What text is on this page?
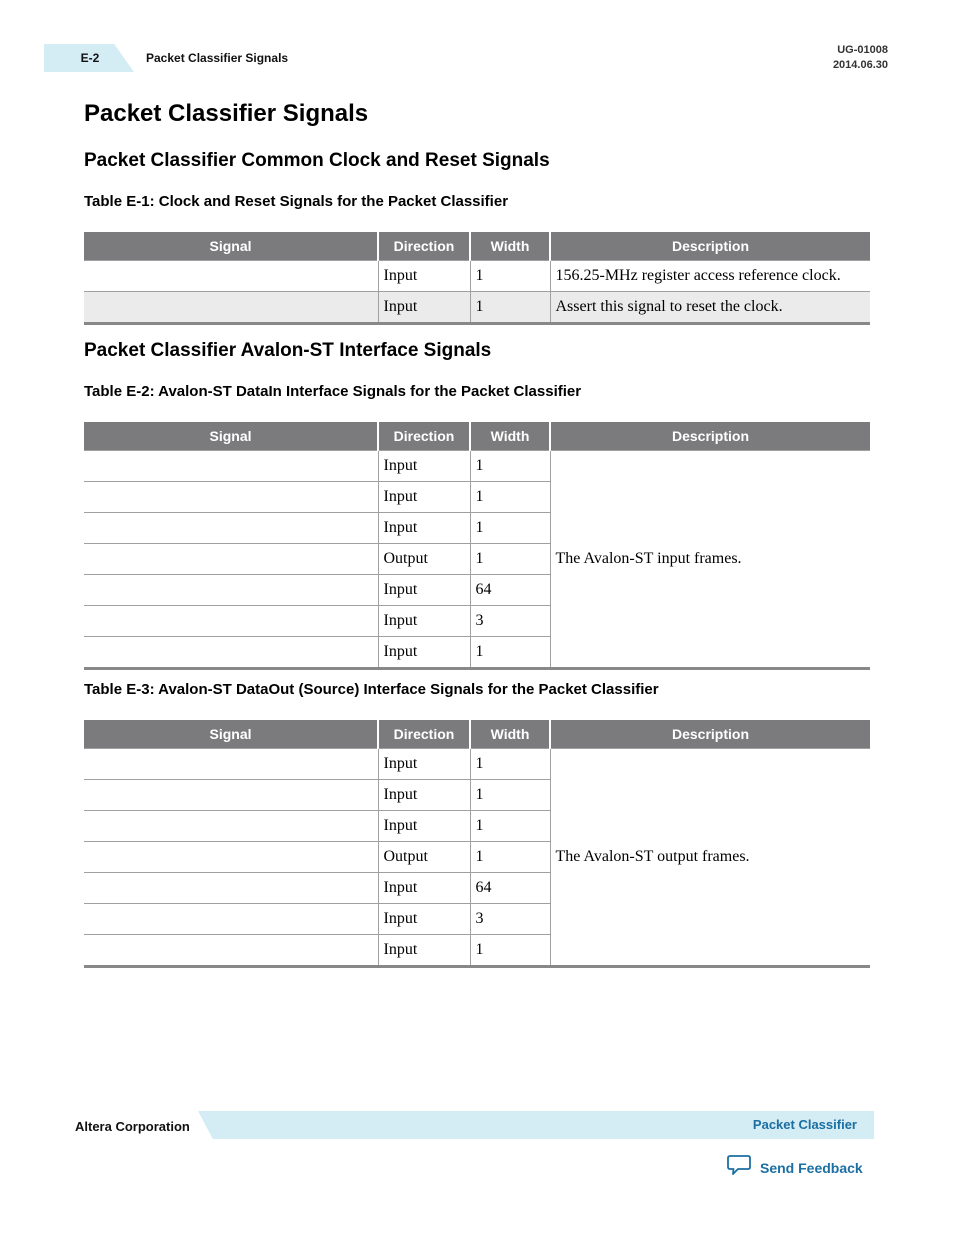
E-2	Packet Classifier Signals
UG-01008
2014.06.30
Packet Classifier Signals
Packet Classifier Common Clock and Reset Signals
Table E-1: Clock and Reset Signals for the Packet Classifier
Signal	Direction	Width	Description
	Input	1	156.25-MHz register access reference clock.
	Input	1	Assert this signal to reset the clock.
Packet Classifier Avalon-ST Interface Signals
Table E-2: Avalon-ST DataIn Interface Signals for the Packet Classifier
Signal	Direction	Width	Description
	Input	1	The Avalon-ST input frames.
	Input	1	
	Input	1	
	Output	1	
	Input	64	
	Input	3	
	Input	1	
Table E-3: Avalon-ST DataOut (Source) Interface Signals for the Packet Classifier
Signal	Direction	Width	Description
	Input	1	The Avalon-ST output frames.
	Input	1	
	Input	1	
	Output	1	
	Input	64	
	Input	3	
	Input	1	
Altera Corporation	Packet Classifier
Send Feedback
